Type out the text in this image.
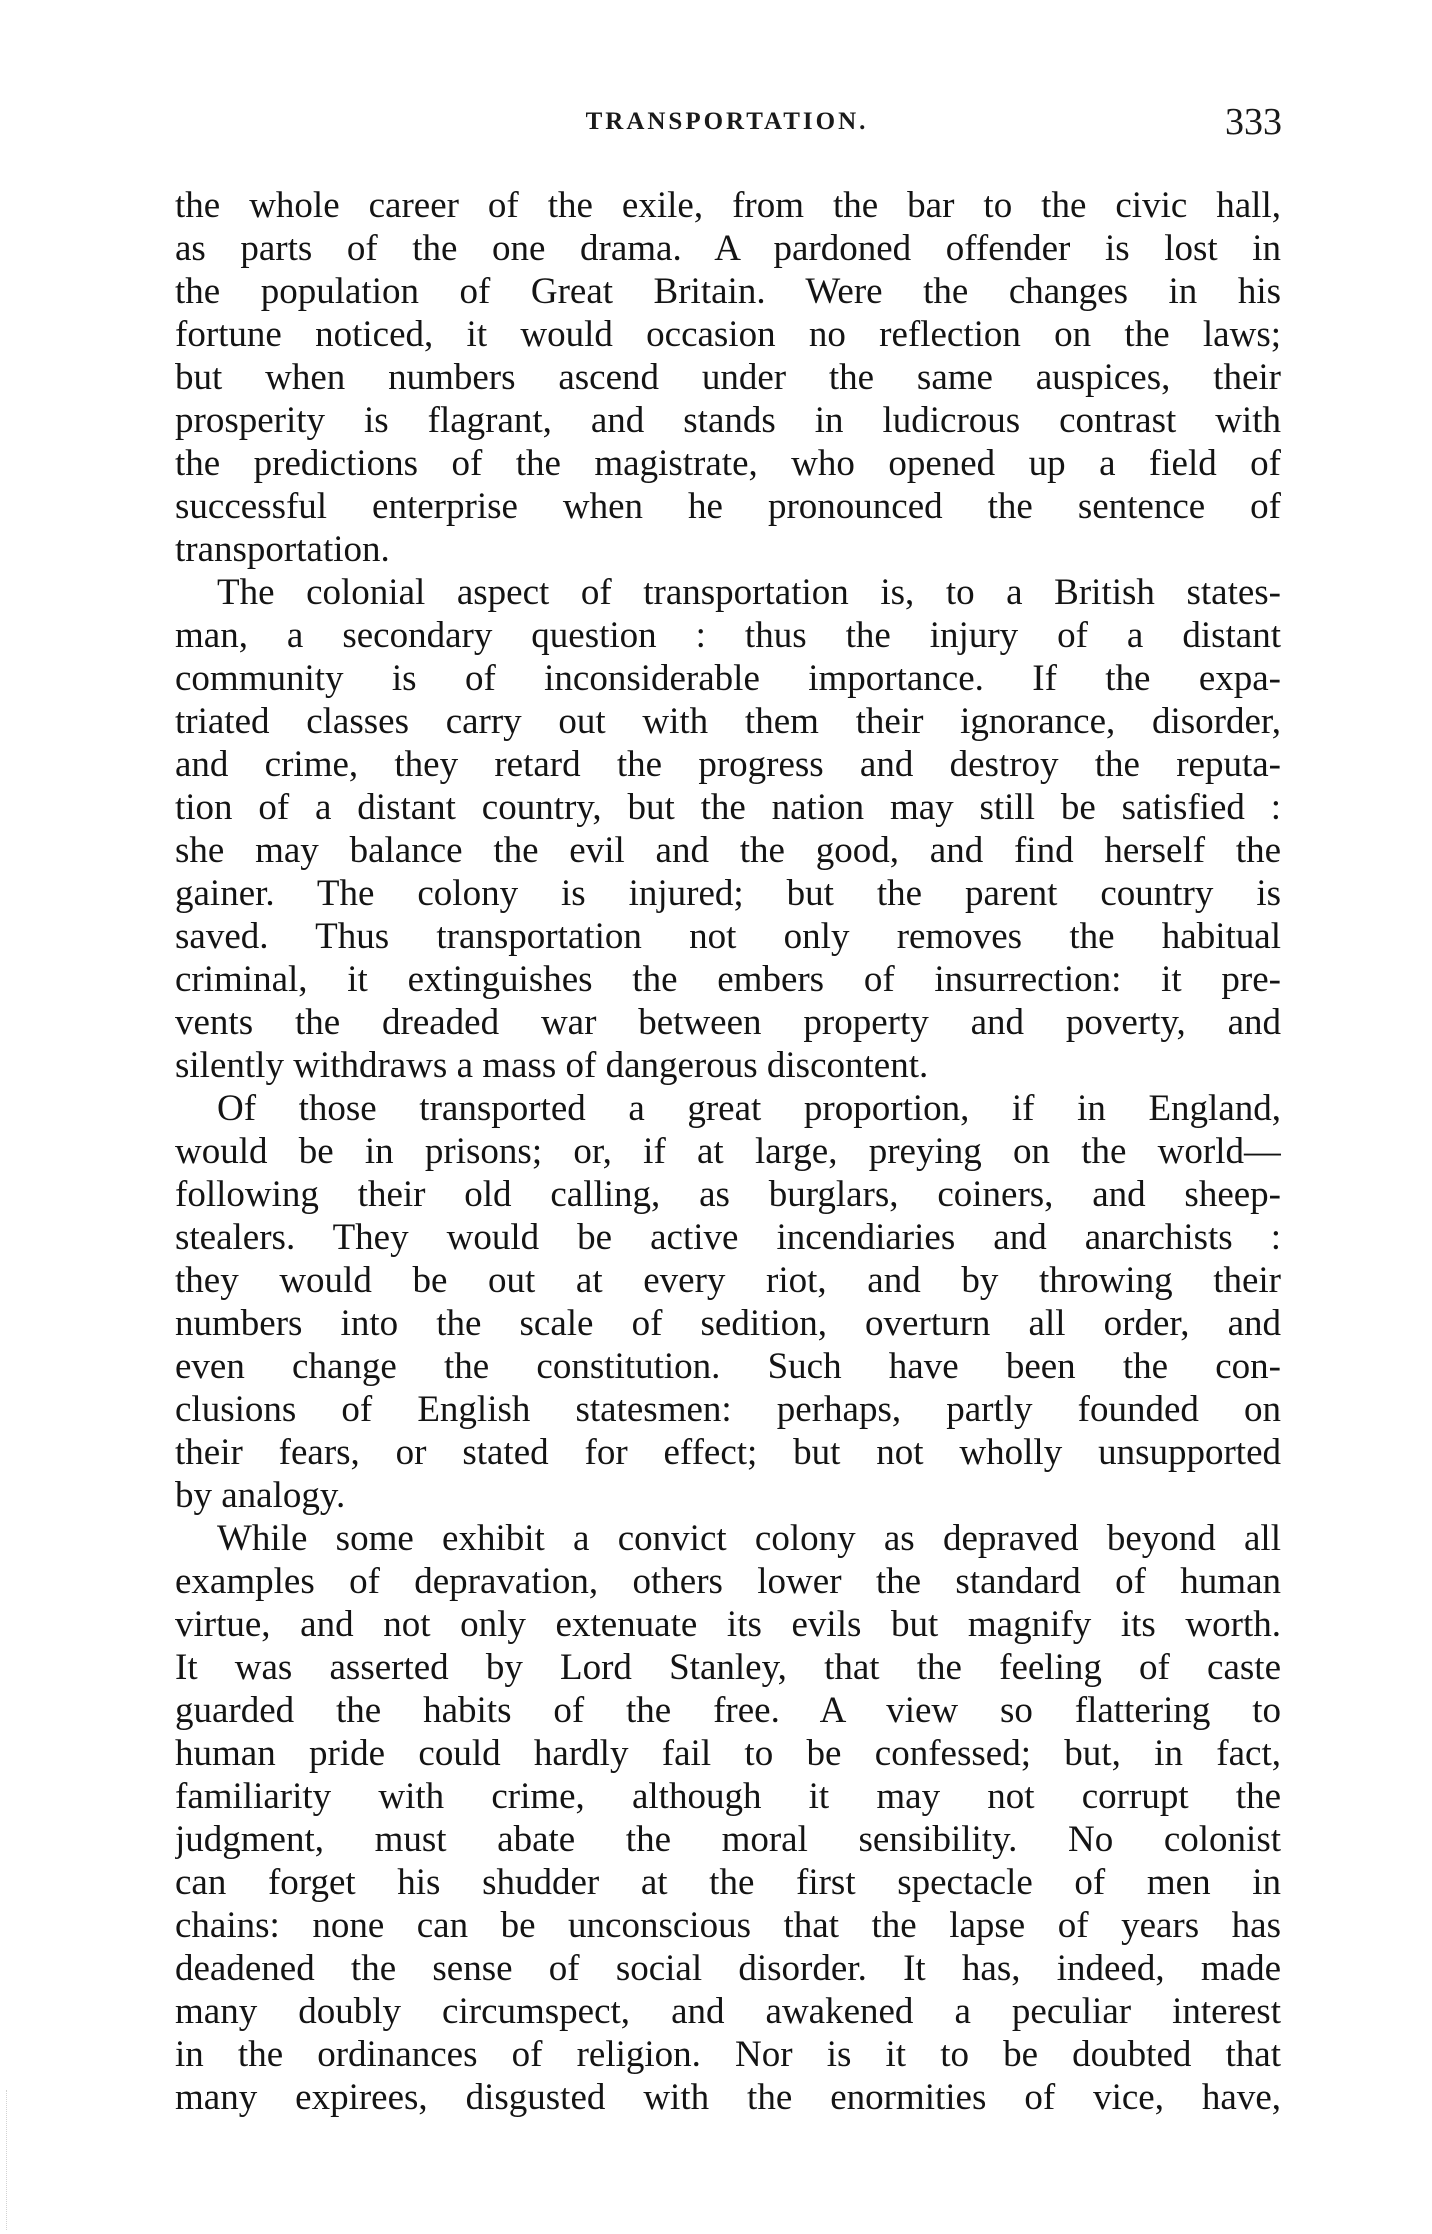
TRANSPORTATION.	333
the whole career of the exile, from the bar to the civic hall,
as parts of the one drama. A pardoned offender is lost in
the population of Great Britain. Were the changes in his
fortune noticed, it would occasion no reflection on the laws;
but when numbers ascend under the same auspices, their
prosperity is flagrant, and stands in ludicrous contrast with
the predictions of the magistrate, who opened up a field of
successful enterprise when he pronounced the sentence of
transportation.
The colonial aspect of transportation is, to a British states-
man, a secondary question : thus the injury of a distant
community is of inconsiderable importance. If the expa-
triated classes carry out with them their ignorance, disorder,
and crime, they retard the progress and destroy the reputa-
tion of a distant country, but the nation may still be satisfied :
she may balance the evil and the good, and find herself the
gainer. The colony is injured; but the parent country is
saved. Thus transportation not only removes the habitual
criminal, it extinguishes the embers of insurrection: it pre-
vents the dreaded war between property and poverty, and
silently withdraws a mass of dangerous discontent.
Of those transported a great proportion, if in England,
would be in prisons; or, if at large, preying on the world—
following their old calling, as burglars, coiners, and sheep-
stealers. They would be active incendiaries and anarchists :
they would be out at every riot, and by throwing their
numbers into the scale of sedition, overturn all order, and
even change the constitution. Such have been the con-
clusions of English statesmen: perhaps, partly founded on
their fears, or stated for effect; but not wholly unsupported
by analogy.
While some exhibit a convict colony as depraved beyond all
examples of depravation, others lower the standard of human
virtue, and not only extenuate its evils but magnify its worth.
It was asserted by Lord Stanley, that the feeling of caste
guarded the habits of the free. A view so flattering to
human pride could hardly fail to be confessed; but, in fact,
familiarity with crime, although it may not corrupt the
judgment, must abate the moral sensibility. No colonist
can forget his shudder at the first spectacle of men in
chains: none can be unconscious that the lapse of years has
deadened the sense of social disorder. It has, indeed, made
many doubly circumspect, and awakened a peculiar interest
in the ordinances of religion. Nor is it to be doubted that
many expirees, disgusted with the enormities of vice, have,
